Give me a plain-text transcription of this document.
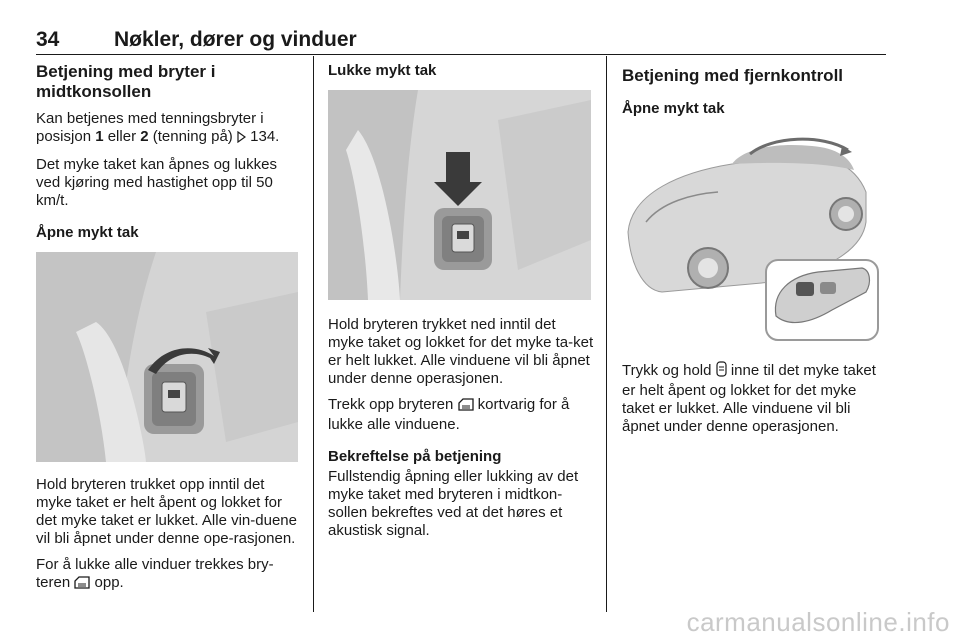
34	Nøkler, dører og vinduer
Betjening med bryter i midtkonsollen

Kan betjenes med tenningsbryter i posisjon 1 eller 2 (tenning på)  134.

Det myke taket kan åpnes og lukkes ved kjøring med hastighet opp til 50 km/t.

Åpne mykt tak

Hold bryteren trukket opp inntil det myke taket er helt åpent og lokket for det myke taket er lukket. Alle vin-duene vil bli åpnet under denne ope-rasjonen.

For å lukke alle vinduer trekkes bry-teren  opp.

Lukke mykt tak

Hold bryteren trykket ned inntil det myke taket og lokket for det myke ta-ket er helt lukket. Alle vinduene vil bli åpnet under denne operasjonen.

Trekk opp bryteren  kortvarig for å lukke alle vinduene.

Bekreftelse på betjening

Fullstendig åpning eller lukking av det myke taket med bryteren i midtkon-sollen bekreftes ved at det høres et akustisk signal.

Betjening med fjernkontroll
Åpne mykt tak

Trykk og hold  inne til det myke taket er helt åpent og lokket for det myke taket er lukket. Alle vinduene vil bli åpnet under denne operasjonen.

carmanualsonline.info
